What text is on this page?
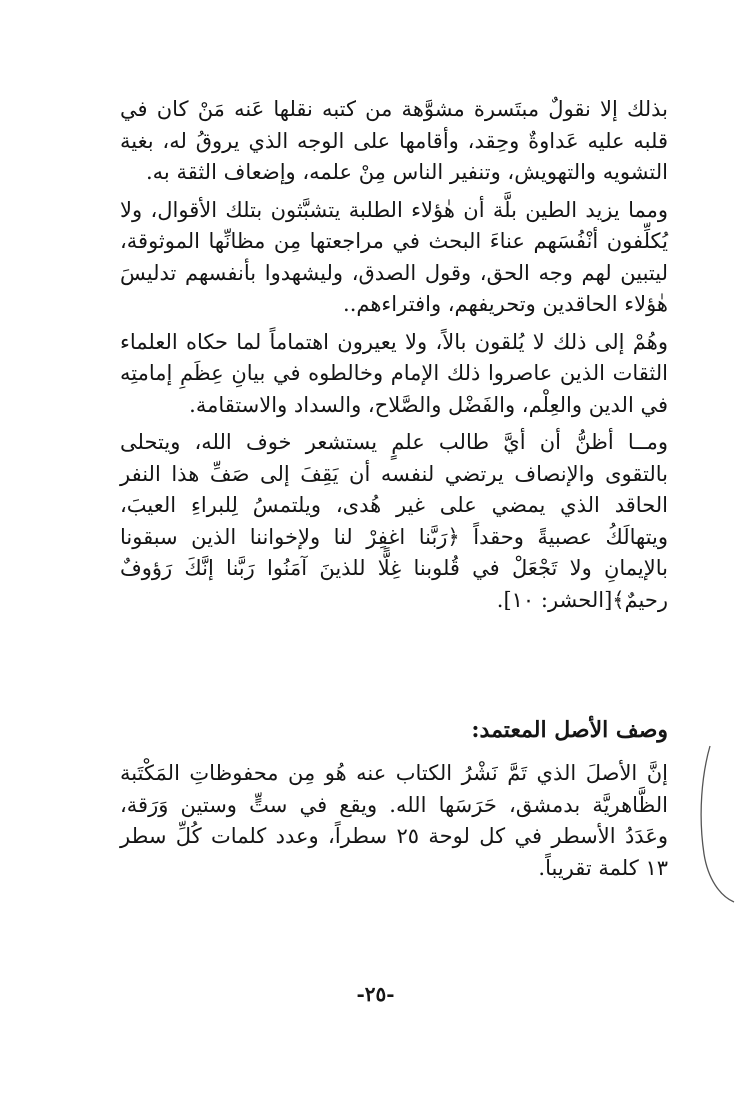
بذلك إلا نقولٌ مبتَسرة مشوَّهة من كتبه نقلها عَنه مَنْ كان في قلبه عليه عَداوةٌ وحِقد، وأقامها على الوجه الذي يروقُ له، بغية التشويه والتهويش، وتنفير الناس مِنْ علمه، وإضعاف الثقة به.

ومما يزيد الطين بلَّة أن هٰؤلاء الطلبة يتشبَّثون بتلك الأقوال، ولا يُكلِّفون أنْفُسَهم عناءَ البحث في مراجعتها مِن مظانِّها الموثوقة، ليتبين لهم وجه الحق، وقول الصدق، وليشهدوا بأنفسهم تدليسَ هٰؤلاء الحاقدين وتحريفهم، وافتراءهم..

وهُمْ إلى ذلك لا يُلقون بالاً، ولا يعيرون اهتماماً لما حكاه العلماء الثقات الذين عاصروا ذلك الإمام وخالطوه في بيانِ عِظَمِ إمامتِه في الدين والعِلْم، والفَضْل والصَّلاح، والسداد والاستقامة.

ومــا أظنُّ أن أيَّ طالب علمٍ يستشعر خوف الله، ويتحلى بالتقوى والإنصاف يرتضي لنفسه أن يَقِفَ إلى صَفِّ هذا النفر الحاقد الذي يمضي على غير هُدى، ويلتمسُ لِلبراءِ العيبَ، ويتهالَكُ عصبيةً وحقداً ﴿رَبَّنا اغفِرْ لنا ولإخواننا الذين سبقونا بالإيمانِ ولا تَجْعَلْ في قُلوبنا غِلًّا للذينَ آمَنُوا رَبَّنا إنَّكَ رَؤوفٌ رحيمٌ﴾[الحشر: ١٠].

وصف الأصل المعتمد:

إنَّ الأصلَ الذي تَمَّ نَشْرُ الكتاب عنه هُو مِن محفوظاتِ المَكْتَبة الظَّاهريَّة بدمشق، حَرَسَها الله. ويقع في ستٍّ وستين وَرَقة، وعَدَدُ الأسطر في كل لوحة ٢٥ سطراً، وعدد كلمات كُلِّ سطر ١٣ كلمة تقريباً.

-٢٥-
